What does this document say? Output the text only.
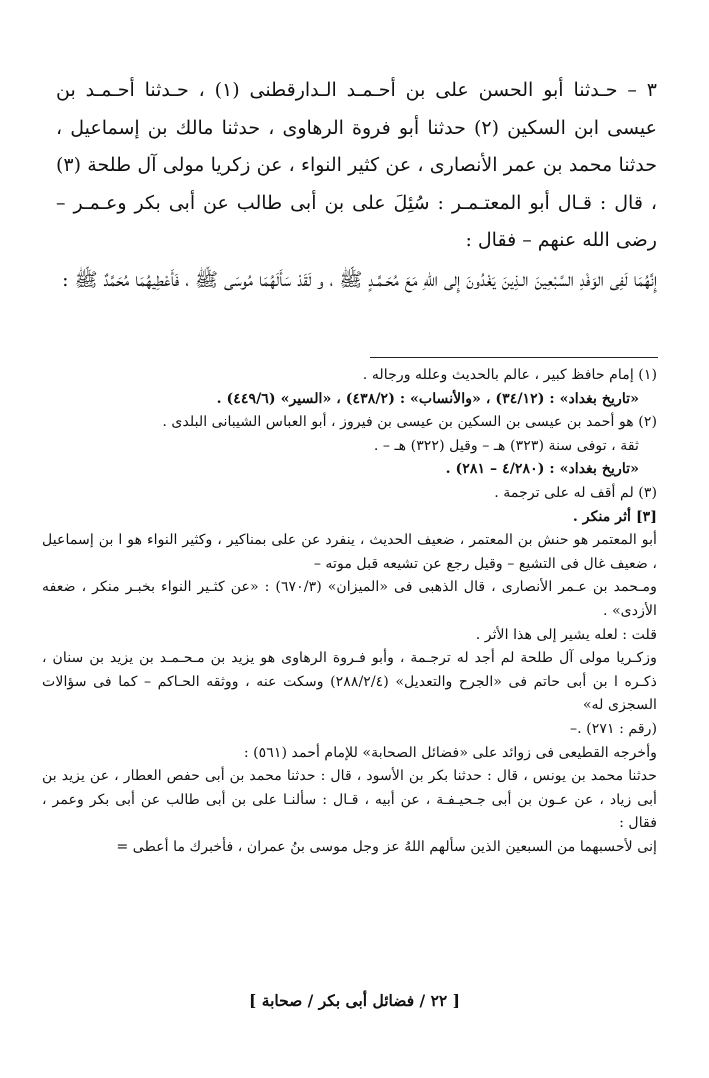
٣ – حـدثنا أبو الحسن على بن أحـمـد الـدارقطنى (١) ، حـدثنا أحـمـد بن عيسى ابن السكين (٢) حدثنا أبو فروة الرهاوى ، حدثنا مالك بن إسماعيل ، حدثنا محمد بن عمر الأنصارى ، عن كثير النواء ، عن زكريا مولى آل طلحة (٣) ، قال : قـال أبو المعتـمـر : سُئِلَ على بن أبى طالب عن أبى بكر وعـمـر – رضى الله عنهم – فقال :

إِنَّهُمَا لَفِى الوَفْدِ السَّبْعِينَ الـذِينَ يَغْدُونَ إِلى اللهِ مَعَ مُحَـمَّـدٍ ﷺ ، و لَقَدْ سَأَلَهُمَا مُوسَى ﷺ ، فَأَعْطِيهُمَا مُحَمَّدٌ ﷺ :

(١) إمام حافظ كبير ، عالم بالحديث وعلله ورجاله .

«تاريخ بغداد» : (٣٤/١٢) ، «والأنساب» : (٤٣٨/٢) ، «السير» (٤٤٩/٦) .

(٢) هو أحمد بن عيسى بن السكين بن عيسى بن فيروز ، أبو العباس الشيبانى البلدى .

ثقة ، توفى سنة (٣٢٣) هـ – وقيل (٣٢٢) هـ – .

«تاريخ بغداد» : (٤/٢٨٠ – ٢٨١) .

(٣) لم أقف له على ترجمة .

[٣] أثر منكر .

أبو المعتمر هو حنش بن المعتمر ، ضعيف الحديث ، ينفرد عن على بمناكير ، وكثير النواء هو ا بن إسماعيل ، ضعيف غال فى التشيع – وقيل رجع عن تشيعه قبل موته –

ومـحمد بن عـمر الأنصارى ، قال الذهبى فى «الميزان» (٦٧٠/٣) : «عن كثـير النواء بخبـر منكر ، ضعفه الأزدى» .

قلت : لعله يشير إلى هذا الأثر .

وزكـريا مولى آل طلحة لم أجد له ترجـمة ، وأبو فـروة الرهاوى هو يزيد بن مـحـمـد بن يزيد بن سنان ، ذكـره ا بن أبى حاتم فى «الجرح والتعديل» (٢٨٨/٢/٤) وسكت عنه ، ووثقه الحـاكم – كما فى سؤالات السجزى له»

(رقم : ٢٧١) .–

وأخرجه القطيعى فى زوائد على «فضائل الصحابة» للإمام أحمد (٥٦١) :

حدثنا محمد بن يونس ، قال : حدثنا بكر بن الأسود ، قال : حدثنا محمد بن أبى حفص العطار ، عن يزيد بن أبى زياد ، عن عـون بن أبى جـحيـفـة ، عن أبيه ، قـال : سألنـا على بن أبى طالب عن أبى بكر وعمر ، فقال :

إنى لأحسبهما من السبعين الذين سألهم اللهُ عز وجل موسى بنُ عمران ، فأخبرك ما أعطى =

[ ٢٢ / فضائل أبى بكر / صحابة ]
